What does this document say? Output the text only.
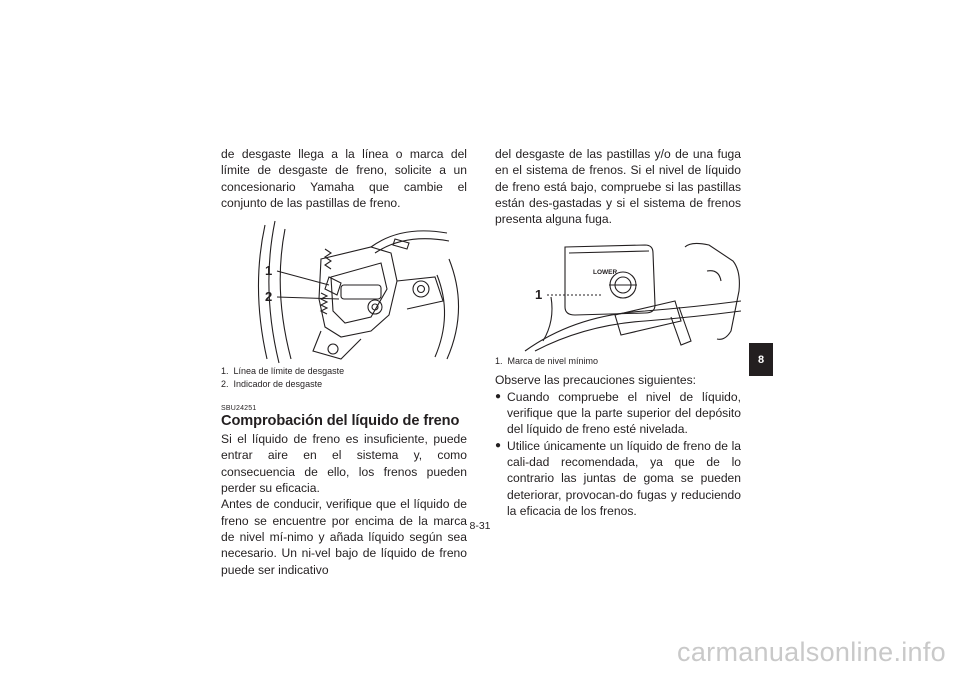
de desgaste llega a la línea o marca del límite de desgaste de freno, solicite a un concesionario Yamaha que cambie el conjunto de las pastillas de freno.

1
2

1. Línea de límite de desgaste

2. Indicador de desgaste

SBU24251
Comprobación del líquido de freno

Si el líquido de freno es insuficiente, puede entrar aire en el sistema y, como consecuencia de ello, los frenos pueden perder su eficacia.

Antes de conducir, verifique que el líquido de freno se encuentre por encima de la marca de nivel mí-nimo y añada líquido según sea necesario. Un ni-vel bajo de líquido de freno puede ser indicativo

del desgaste de las pastillas y/o de una fuga en el sistema de frenos. Si el nivel de líquido de freno está bajo, compruebe si las pastillas están des-gastadas y si el sistema de frenos presenta alguna fuga.

LOWER
1

1. Marca de nivel mínimo

Observe las precauciones siguientes:

● Cuando compruebe el nivel de líquido, verifique que la parte superior del depósito del líquido de freno esté nivelada.
● Utilice únicamente un líquido de freno de la cali-dad recomendada, ya que de lo contrario las juntas de goma se pueden deteriorar, provocan-do fugas y reduciendo la eficacia de los frenos.
8-31
8
carmanualsonline.info
